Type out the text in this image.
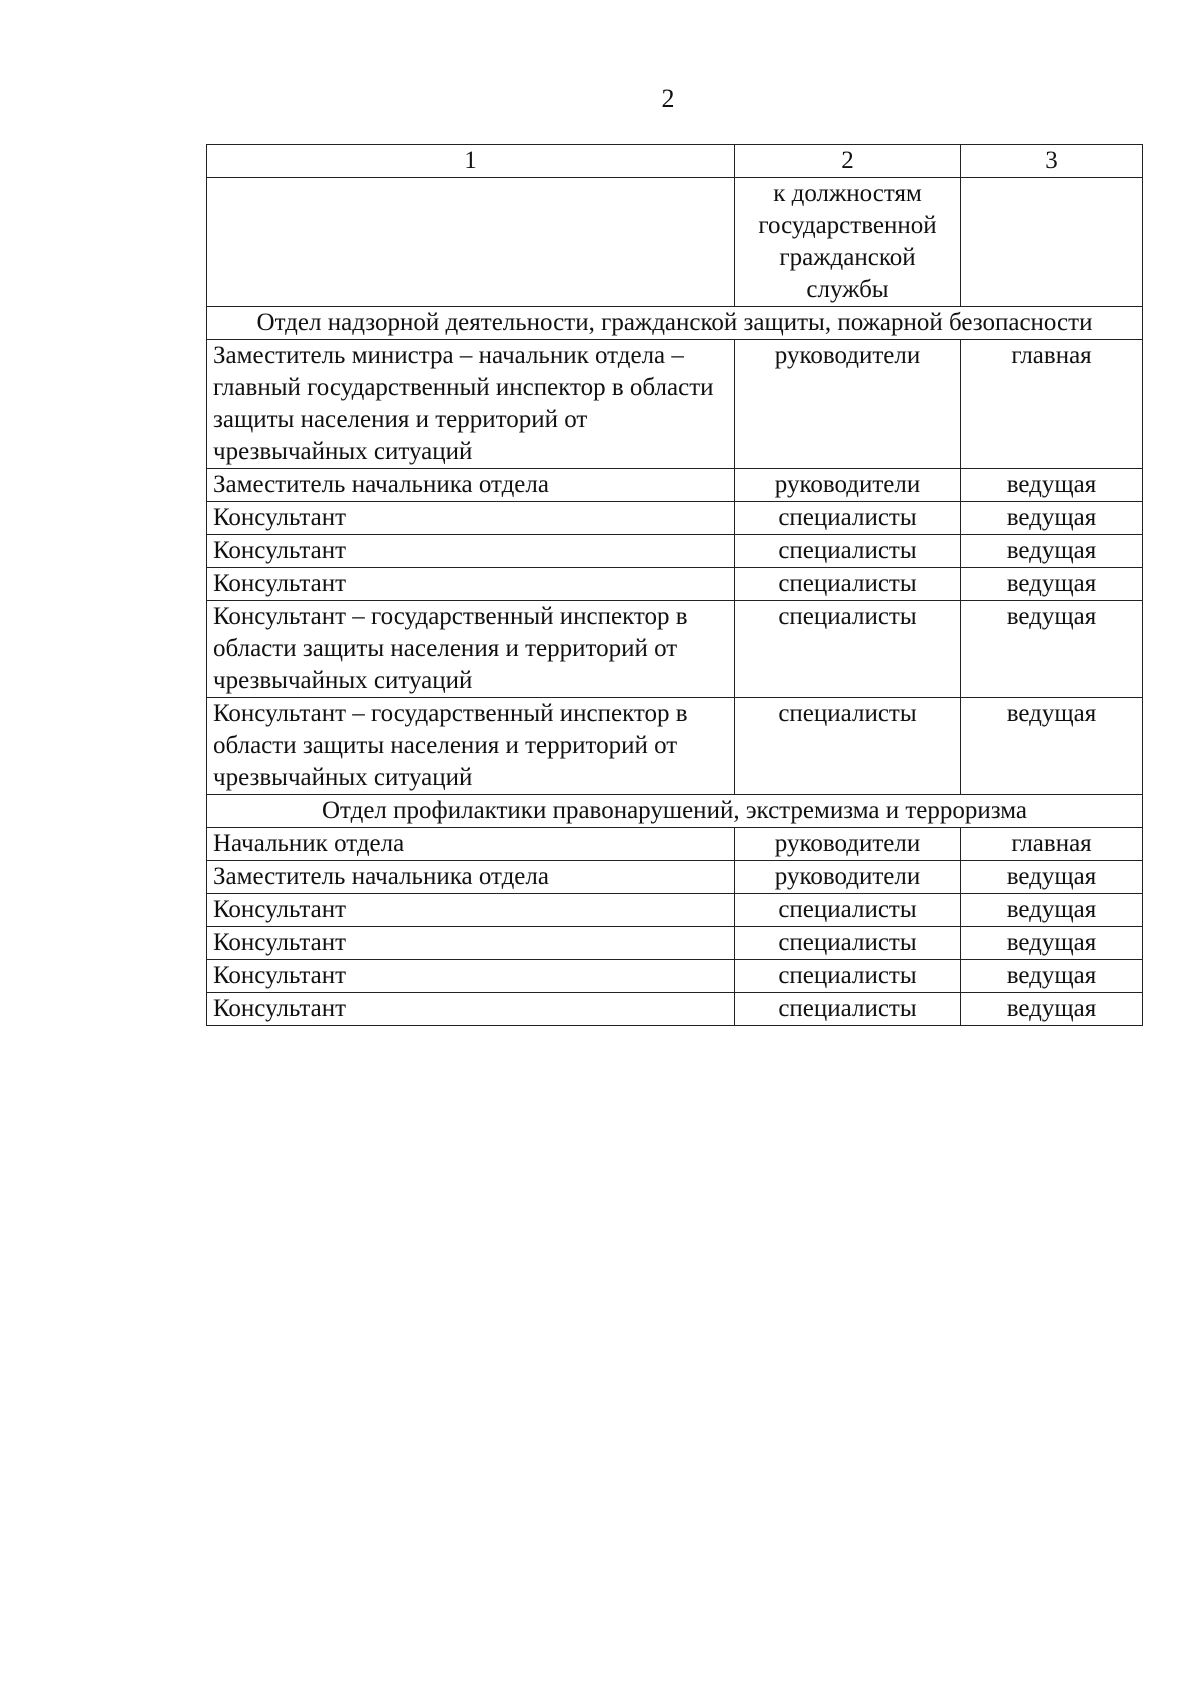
2
1	2	3
	к должностям государственной гражданской службы	
Отдел надзорной деятельности, гражданской защиты, пожарной безопасности		
Заместитель министра – начальник отдела – главный государственный инспектор в области защиты населения и территорий от чрезвычайных ситуаций	руководители	главная
Заместитель начальника отдела	руководители	ведущая
Консультант	специалисты	ведущая
Консультант	специалисты	ведущая
Консультант	специалисты	ведущая
Консультант – государственный инспектор в области защиты населения и территорий от чрезвычайных ситуаций	специалисты	ведущая
Консультант – государственный инспектор в области защиты населения и территорий от чрезвычайных ситуаций	специалисты	ведущая
Отдел профилактики правонарушений, экстремизма и терроризма		
Начальник отдела	руководители	главная
Заместитель начальника отдела	руководители	ведущая
Консультант	специалисты	ведущая
Консультант	специалисты	ведущая
Консультант	специалисты	ведущая
Консультант	специалисты	ведущая
